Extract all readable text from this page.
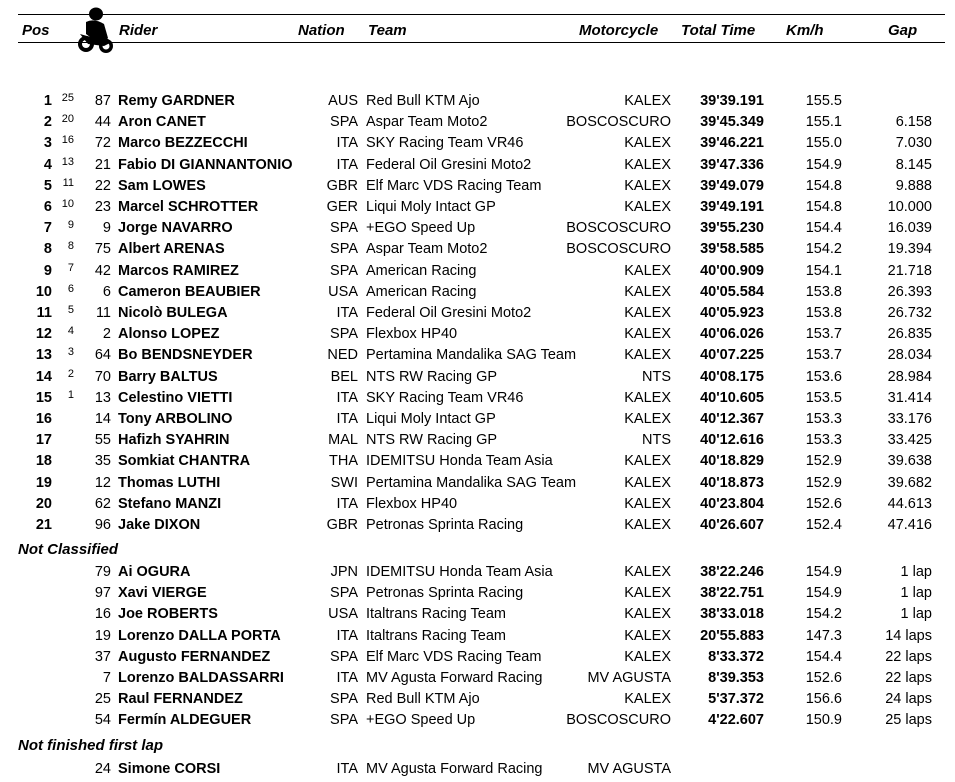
Pos	Rider	Nation Team	Motorcycle Total Time Km/h	Gap
1 25	87 Remy GARDNER	AUS Red Bull KTM Ajo	KALEX	39'39.191	155.5
2 20	44 Aron CANET	SPA Aspar Team Moto2	BOSCOSCURO	39'45.349	155.1	6.158
3 16	72 Marco BEZZECCHI	ITA SKY Racing Team VR46	KALEX	39'46.221	155.0	7.030
4 13	21 Fabio DI GIANNANTONIO	ITA Federal Oil Gresini Moto2	KALEX	39'47.336	154.9	8.145
5 11	22 Sam LOWES	GBR Elf Marc VDS Racing Team	KALEX	39'49.079	154.8	9.888
6 10	23 Marcel SCHROTTER	GER Liqui Moly Intact GP	KALEX	39'49.191	154.8	10.000
7	9	9 Jorge NAVARRO	SPA +EGO Speed Up	BOSCOSCURO	39'55.230	154.4	16.039
8	8	75 Albert ARENAS	SPA Aspar Team Moto2	BOSCOSCURO	39'58.585	154.2	19.394
9	7	42 Marcos RAMIREZ	SPA American Racing	KALEX	40'00.909	154.1	21.718
10	6	6 Cameron BEAUBIER	USA American Racing	KALEX	40'05.584	153.8	26.393
11	5	11 Nicolò BULEGA	ITA Federal Oil Gresini Moto2	KALEX	40'05.923	153.8	26.732
12	4	2 Alonso LOPEZ	SPA Flexbox HP40	KALEX	40'06.026	153.7	26.835
13	3	64 Bo BENDSNEYDER	NED Pertamina Mandalika SAG Team	KALEX	40'07.225	153.7	28.034
14	2	70 Barry BALTUS	BEL NTS RW Racing GP	NTS	40'08.175	153.6	28.984
15	1	13 Celestino VIETTI	ITA SKY Racing Team VR46	KALEX	40'10.605	153.5	31.414
16	14 Tony ARBOLINO	ITA Liqui Moly Intact GP	KALEX	40'12.367	153.3	33.176
17	55 Hafizh SYAHRIN	MAL NTS RW Racing GP	NTS	40'12.616	153.3	33.425
18	35 Somkiat CHANTRA	THA IDEMITSU Honda Team Asia	KALEX	40'18.829	152.9	39.638
19	12 Thomas LUTHI	SWI Pertamina Mandalika SAG Team	KALEX	40'18.873	152.9	39.682
20	62 Stefano MANZI	ITA Flexbox HP40	KALEX	40'23.804	152.6	44.613
21	96 Jake DIXON	GBR Petronas Sprinta Racing	KALEX	40'26.607	152.4	47.416
Not Classified
79 Ai OGURA	JPN IDEMITSU Honda Team Asia	KALEX	38'22.246	154.9	1 lap
97 Xavi VIERGE	SPA Petronas Sprinta Racing	KALEX	38'22.751	154.9	1 lap
16 Joe ROBERTS	USA Italtrans Racing Team	KALEX	38'33.018	154.2	1 lap
19 Lorenzo DALLA PORTA	ITA Italtrans Racing Team	KALEX	20'55.883	147.3	14 laps
37 Augusto FERNANDEZ	SPA Elf Marc VDS Racing Team	KALEX	8'33.372	154.4	22 laps
7 Lorenzo BALDASSARRI	ITA MV Agusta Forward Racing	MV AGUSTA	8'39.353	152.6	22 laps
25 Raul FERNANDEZ	SPA Red Bull KTM Ajo	KALEX	5'37.372	156.6	24 laps
54 Fermín ALDEGUER	SPA +EGO Speed Up	BOSCOSCURO	4'22.607	150.9	25 laps
Not finished first lap
24 Simone CORSI	ITA MV Agusta Forward Racing	MV AGUSTA
